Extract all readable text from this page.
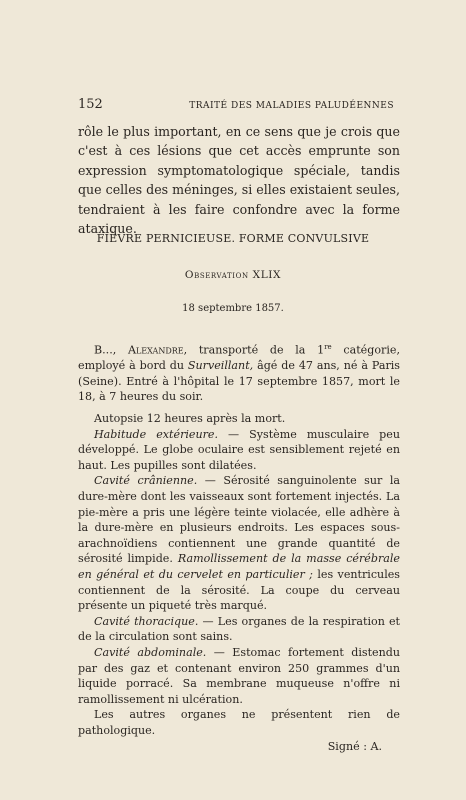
152	TRAITÉ DES MALADIES PALUDÉENNES

rôle le plus important, en ce sens que je crois que c'est à ces lésions que cet accès emprunte son expression symptomatologique spéciale, tandis que celles des méninges, si elles existaient seules, tendraient à les faire confondre avec la forme ataxique.

FIÈVRE PERNICIEUSE. FORME CONVULSIVE
Observation XLIX
18 septembre 1857.

B..., Alexandre, transporté de la 1re catégorie, employé à bord du Surveillant, âgé de 47 ans, né à Paris (Seine). Entré à l'hôpital le 17 septembre 1857, mort le 18, à 7 heures du soir.

Autopsie 12 heures après la mort.

Habitude extérieure. — Système musculaire peu développé. Le globe oculaire est sensiblement rejeté en haut. Les pupilles sont dilatées.

Cavité crânienne. — Sérosité sanguinolente sur la dure-mère dont les vaisseaux sont fortement injectés. La pie-mère a pris une légère teinte violacée, elle adhère à la dure-mère en plusieurs endroits. Les espaces sous-arachnoïdiens contiennent une grande quantité de sérosité limpide. Ramollissement de la masse cérébrale en général et du cervelet en particulier ; les ventricules contiennent de la sérosité. La coupe du cerveau présente un piqueté très marqué.

Cavité thoracique. — Les organes de la respiration et de la circulation sont sains.

Cavité abdominale. — Estomac fortement distendu par des gaz et contenant environ 250 grammes d'un liquide porracé. Sa membrane muqueuse n'offre ni ramollissement ni ulcération.

Les autres organes ne présentent rien de pathologique.

Signé : A.
